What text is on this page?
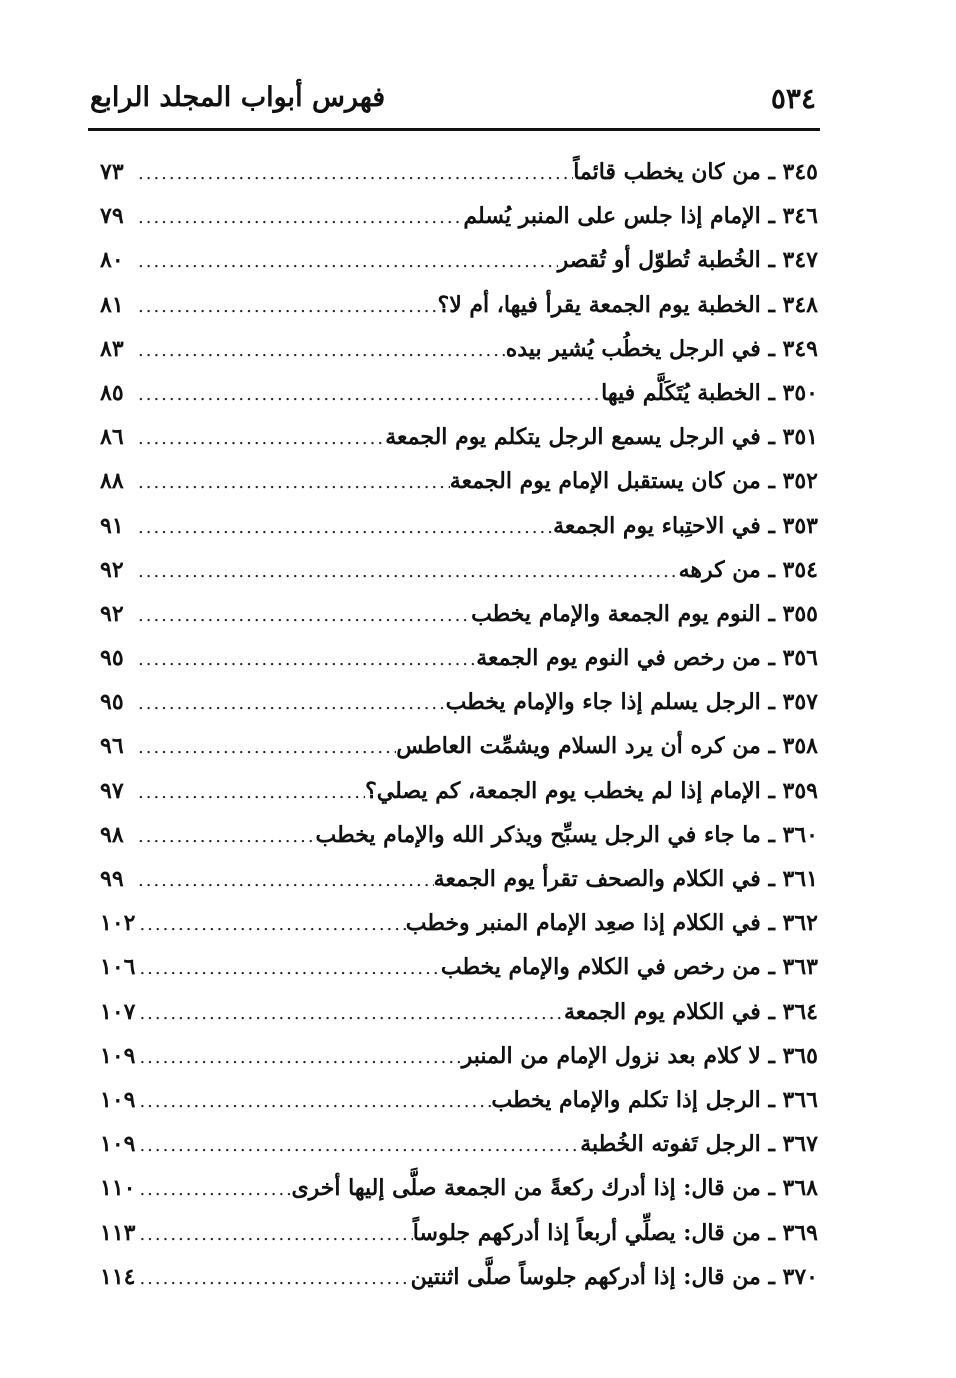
٥٣٤
فهرس أبواب المجلد الرابع
٣٤٥ ـ من كان يخطب قائماً
.....
٧٣
٣٤٦ ـ الإمام إذا جلس على المنبر يُسلم
.....
٧٩
٣٤٧ ـ الخُطبة تُطوّل أو تُقصر
.....
٨٠
٣٤٨ ـ الخطبة يوم الجمعة يقرأ فيها، أم لا؟
.....
٨١
٣٤٩ ـ في الرجل يخطُب يُشير بيده
.....
٨٣
٣٥٠ ـ الخطبة يُتَكَلَّم فيها
.....
٨٥
٣٥١ ـ في الرجل يسمع الرجل يتكلم يوم الجمعة
.....
٨٦
٣٥٢ ـ من كان يستقبل الإمام يوم الجمعة
.....
٨٨
٣٥٣ ـ في الاحتِباء يوم الجمعة
.....
٩١
٣٥٤ ـ من كرهه
.....
٩٢
٣٥٥ ـ النوم يوم الجمعة والإمام يخطب
.....
٩٢
٣٥٦ ـ من رخص في النوم يوم الجمعة
.....
٩٥
٣٥٧ ـ الرجل يسلم إذا جاء والإمام يخطب
.....
٩٥
٣٥٨ ـ من كره أن يرد السلام ويشمِّت العاطس
.....
٩٦
٣٥٩ ـ الإمام إذا لم يخطب يوم الجمعة، كم يصلي؟
.....
٩٧
٣٦٠ ـ ما جاء في الرجل يسبِّح ويذكر الله والإمام يخطب
.....
٩٨
٣٦١ ـ في الكلام والصحف تقرأ يوم الجمعة
.....
٩٩
٣٦٢ ـ في الكلام إذا صعِد الإمام المنبر وخطب
.....
١٠٢
٣٦٣ ـ من رخص في الكلام والإمام يخطب
.....
١٠٦
٣٦٤ ـ في الكلام يوم الجمعة
.....
١٠٧
٣٦٥ ـ لا كلام بعد نزول الإمام من المنبر
.....
١٠٩
٣٦٦ ـ الرجل إذا تكلم والإمام يخطب
.....
١٠٩
٣٦٧ ـ الرجل تَفوته الخُطبة
.....
١٠٩
٣٦٨ ـ من قال: إذا أدرك ركعةً من الجمعة صلَّى إليها أخرى
.....
١١٠
٣٦٩ ـ من قال: يصلِّي أربعاً إذا أدركهم جلوساً
.....
١١٣
٣٧٠ ـ من قال: إذا أدركهم جلوساً صلَّى اثنتين
.....
١١٤
